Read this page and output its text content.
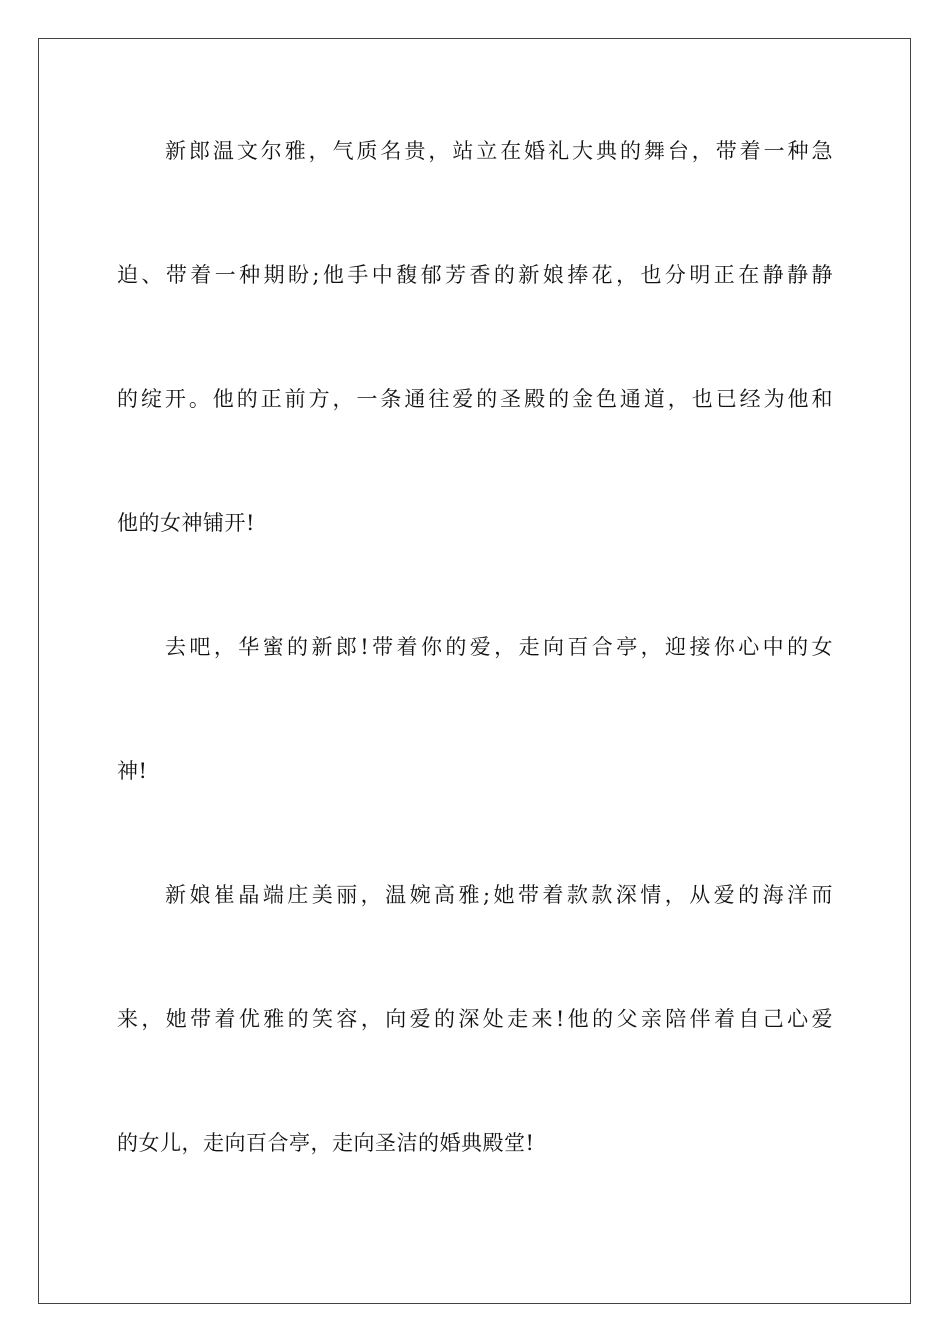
新郎温文尔雅，气质名贵，站立在婚礼大典的舞台，带着一种急
迫、带着一种期盼;他手中馥郁芳香的新娘捧花，也分明正在静静静
的绽开。他的正前方，一条通往爱的圣殿的金色通道，也已经为他和
他的女神铺开!
去吧，华蜜的新郎!带着你的爱，走向百合亭，迎接你心中的女
神!
新娘崔晶端庄美丽，温婉高雅;她带着款款深情，从爱的海洋而
来，她带着优雅的笑容，向爱的深处走来!他的父亲陪伴着自己心爱
的女儿，走向百合亭，走向圣洁的婚典殿堂!
